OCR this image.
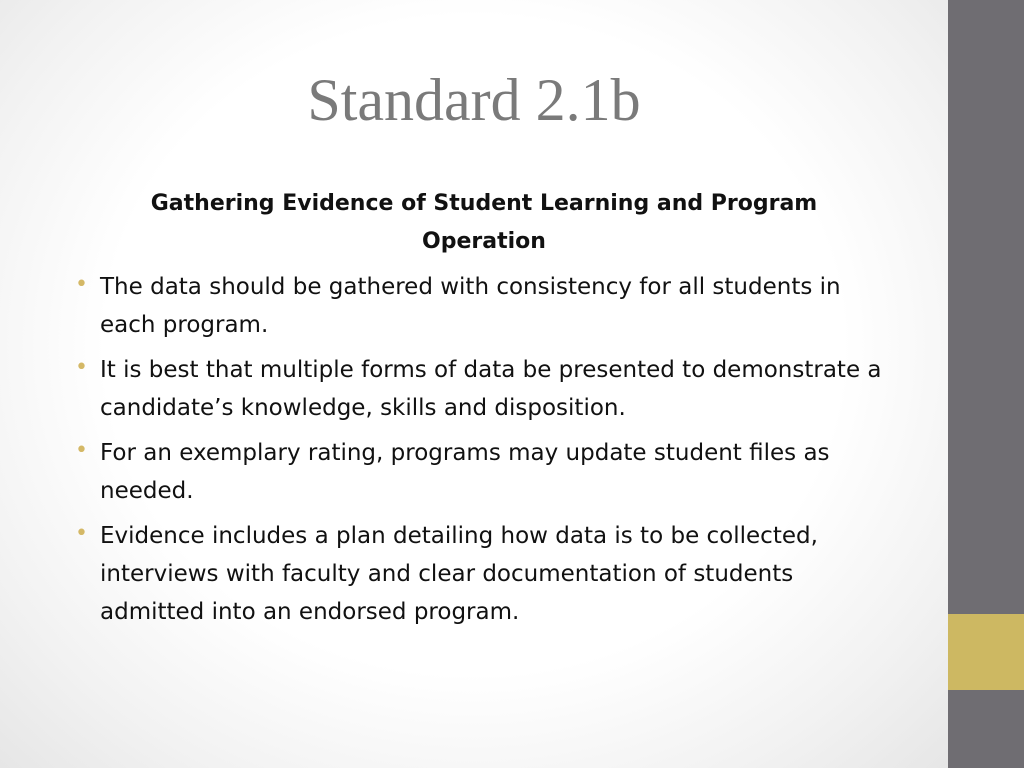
Standard 2.1b
Gathering Evidence of Student Learning and Program Operation
• The data should be gathered with consistency for all students in each program.
• It is best that multiple forms of data be presented to demonstrate a candidate’s knowledge, skills and disposition.
• For an exemplary rating, programs may update student files as needed.
• Evidence includes a plan detailing how data is to be collected, interviews with faculty and clear documentation of students admitted into an endorsed program.
